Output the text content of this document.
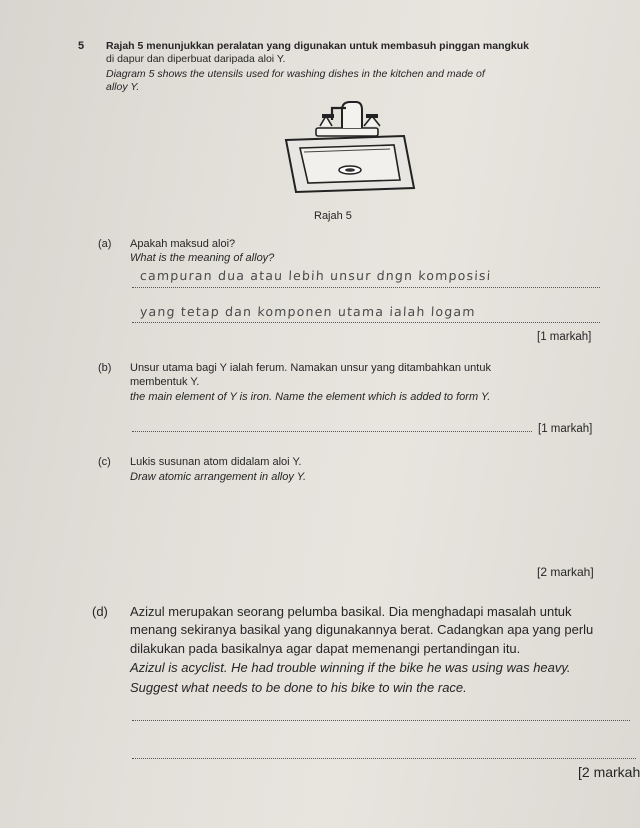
5 Rajah 5 menunjukkan peralatan yang digunakan untuk membasuh pinggan mangkuk
di dapur dan diperbuat daripada aloi Y.
Diagram 5 shows the utensils used for washing dishes in the kitchen and made of
alloy Y.
Rajah 5
(a) Apakah maksud aloi?
What is the meaning of alloy?
campuran dua atau lebih unsur dngn komposisi
yang tetap dan komponen utama ialah logam
[1 markah]
(b) Unsur utama bagi Y ialah ferum. Namakan unsur yang ditambahkan untuk
membentuk Y.
the main element of Y is iron. Name the element which is added to form Y.
[1 markah]
(c) Lukis susunan atom didalam aloi Y.
Draw atomic arrangement in alloy Y.
[2 markah]
(d) Azizul merupakan seorang pelumba basikal. Dia menghadapi masalah untuk
menang sekiranya basikal yang digunakannya berat. Cadangkan apa yang perlu
dilakukan pada basikalnya agar dapat memenangi pertandingan itu.
Azizul is acyclist. He had trouble winning if the bike he was using was heavy.
Suggest what needs to be done to his bike to win the race.
[2 markah
